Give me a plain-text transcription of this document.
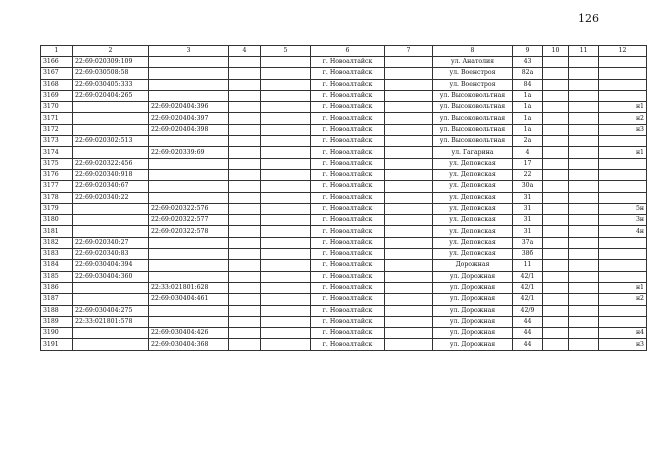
126
1	2	3	4	5	6	7	8	9	10	11	12
3166	22:69:020309:109				г. Новоалтайск		ул. Анатолия	43			
3167	22:69:030508:58				г. Новоалтайск		ул. Военстроя	82а			
3168	22:69:030405:333				г. Новоалтайск		ул. Военстроя	84			
3169	22:69:020404:265				г. Новоалтайск		ул. Высоковольтная	1а			
3170		22:69:020404:396			г. Новоалтайск		ул. Высоковольтная	1а			н1
3171		22:69:020404:397			г. Новоалтайск		ул. Высоковольтная	1а			н2
3172		22:69:020404:398			г. Новоалтайск		ул. Высоковольтная	1а			н3
3173	22:69:020302:513				г. Новоалтайск		ул. Высоковольтная	2а			
3174		22:69:020339:69			г. Новоалтайск		ул. Гагарина	4			н1
3175	22:69:020322:456				г. Новоалтайск		ул. Деповская	17			
3176	22:69:020340:918				г. Новоалтайск		ул. Деповская	22			
3177	22:69:020340:67				г. Новоалтайск		ул. Деповская	30а			
3178	22:69:020340:22				г. Новоалтайск		ул. Деповская	31			
3179		22:69:020322:576			г. Новоалтайск		ул. Деповская	31			5н
3180		22:69:020322:577			г. Новоалтайск		ул. Деповская	31			3н
3181		22:69:020322:578			г. Новоалтайск		ул. Деповская	31			4н
3182	22:69:020340:27				г. Новоалтайск		ул. Деповская	37а			
3183	22:69:020340:83				г. Новоалтайск		ул. Деповская	38б			
3184	22:69:030404:394				г. Новоалтайск		Дорожная	11			
3185	22:69:030404:360				г. Новоалтайск		ул. Дорожная	42/1			
3186		22:33:021801:628			г. Новоалтайск		ул. Дорожная	42/1			н1
3187		22:69:030404:461			г. Новоалтайск		ул. Дорожная	42/1			н2
3188	22:69:030404:275				г. Новоалтайск		ул. Дорожная	42/9			
3189	22:33:021801:578				г. Новоалтайск		ул. Дорожная	44			
3190		22:69:030404:426			г. Новоалтайск		ул. Дорожная	44			н4
3191		22:69:030404:368			г. Новоалтайск		ул. Дорожная	44			н3
